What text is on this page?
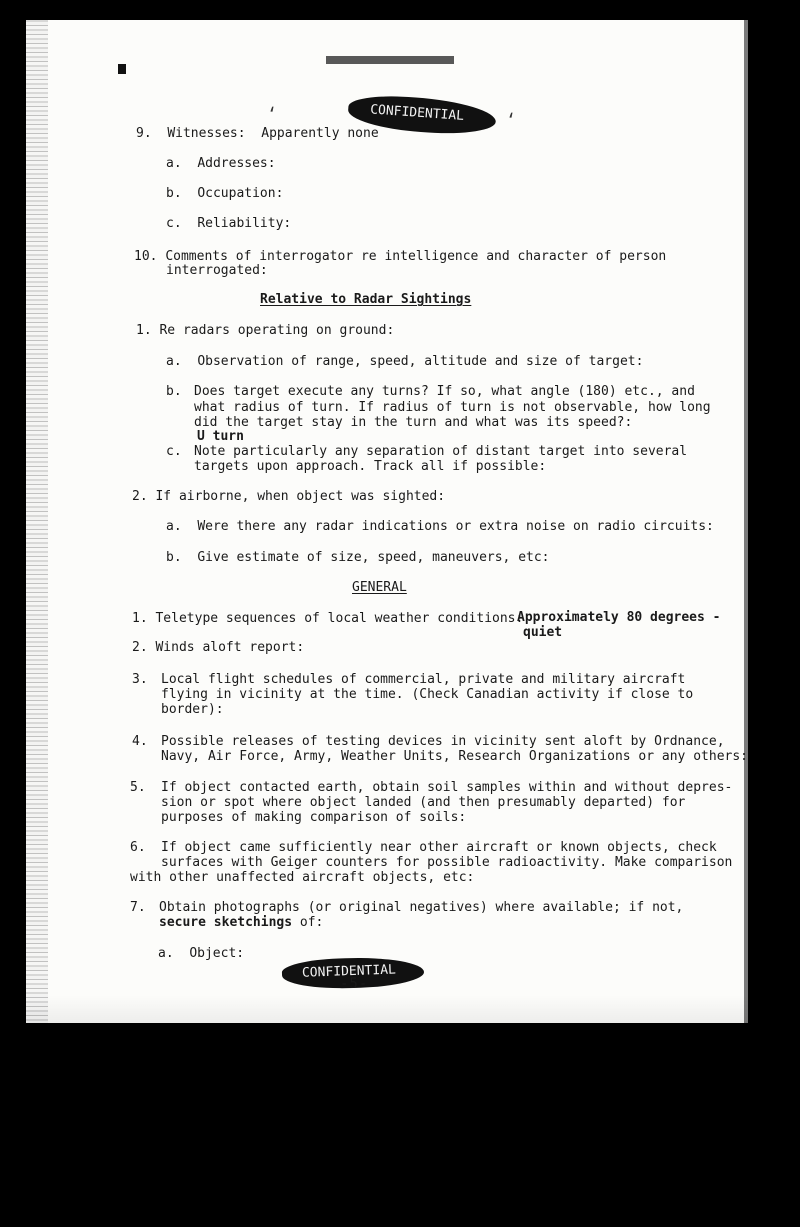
CONFIDENTIAL
⸲	⸲

9. Witnesses: Apparently none

a. Addresses:

b. Occupation:

c. Reliability:

10. Comments of interrogator re intelligence and character of person

interrogated:

Relative to Radar Sightings

1. Re radars operating on ground:

a. Observation of range, speed, altitude and size of target:

b. Does target execute any turns? If so, what angle (180) etc., and

what radius of turn. If radius of turn is not observable, how long

did the target stay in the turn and what was its speed?:

U turn

c. Note particularly any separation of distant target into several

targets upon approach. Track all if possible:

2. If airborne, when object was sighted:

a. Were there any radar indications or extra noise on radio circuits:

b. Give estimate of size, speed, maneuvers, etc:

GENERAL

1. Teletype sequences of local weather conditions:

Approximately 80 degrees -

quiet

2. Winds aloft report:

3. Local flight schedules of commercial, private and military aircraft

flying in vicinity at the time. (Check Canadian activity if close to

border):

4. Possible releases of testing devices in vicinity sent aloft by Ordnance,

Navy, Air Force, Army, Weather Units, Research Organizations or any others:

5. If object contacted earth, obtain soil samples within and without depres-

sion or spot where object landed (and then presumably departed) for

purposes of making comparison of soils:

6. If object came sufficiently near other aircraft or known objects, check

surfaces with Geiger counters for possible radioactivity. Make comparison

with other unaffected aircraft objects, etc:

7. Obtain photographs (or original negatives) where available; if not,

secure sketchings of:

a. Object:

CONFIDENTIAL

-5-
